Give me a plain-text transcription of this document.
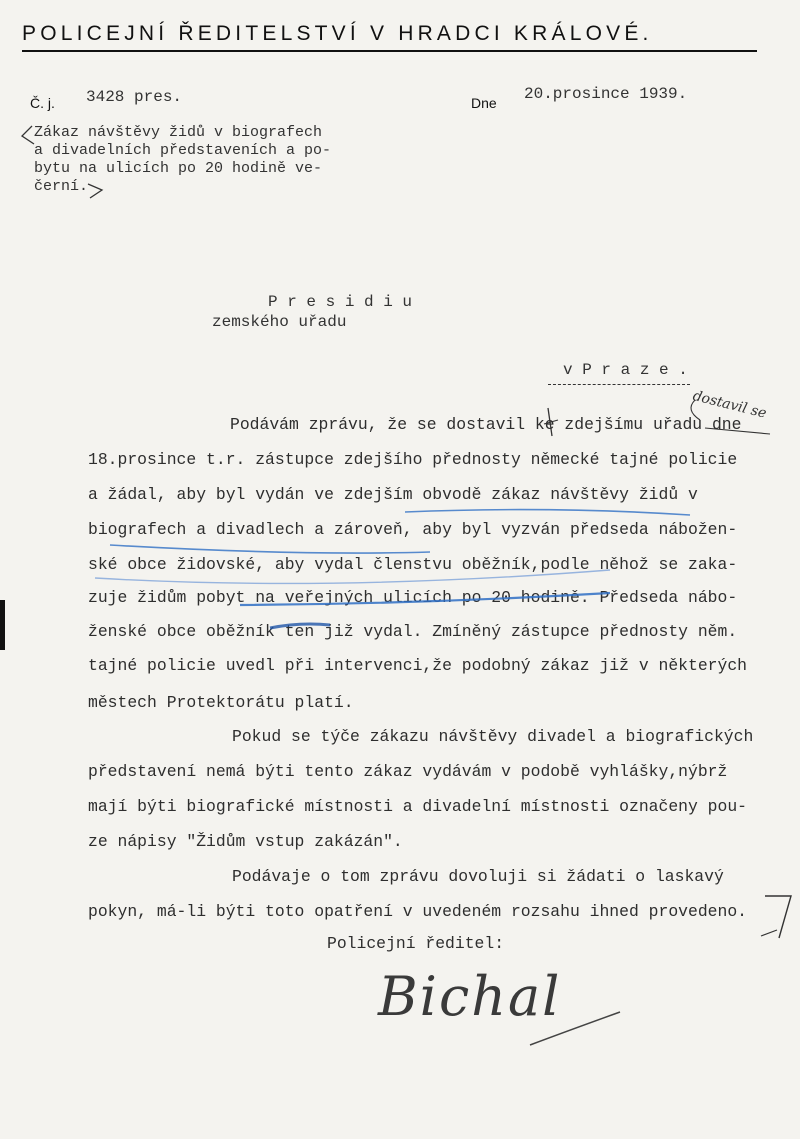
POLICEJNÍ ŘEDITELSTVÍ V HRADCI KRÁLOVÉ.
Č. j. 3428 pres.	Dne 20.prosince 1939.
Zákaz návštěvy židů v biografech
a divadelních představeních a po-
bytu na ulicích po 20 hodině ve-
černí.
P r e s i d i u
zemského uřadu
v P r a z e .
Podávám zprávu, že se dostavil ke zdejšímu uřadu dne
18.prosince t.r. zástupce zdejšího přednosty německé tajné policie
a žádal, aby byl vydán ve zdejším obvodě zákaz návštěvy židů v
biografech a divadlech a zároveň, aby byl vyzván předseda nábožen-
ské obce židovské, aby vydal členstvu oběžník,podle něhož se zaka-
zuje židům pobyt na veřejných ulicích po 20 hodině. Předseda nábo-
ženské obce oběžník ten již vydal. Zmíněný zástupce přednosty něm.
tajné policie uvedl při intervenci,že podobný zákaz již v některých
městech Protektorátu platí.
Pokud se týče zákazu návštěvy divadel a biografických
představení nemá býti tento zákaz vydávám v podobě vyhlášky,nýbrž
mají býti biografické místnosti a divadelní místnosti označeny pou-
ze nápisy "Židům vstup zakázán".
Podávaje o tom zprávu dovoluji si žádati o laskavý
pokyn, má-li býti toto opatření v uvedeném rozsahu ihned provedeno.
Policejní ředitel:
dostavil se
Bichal
